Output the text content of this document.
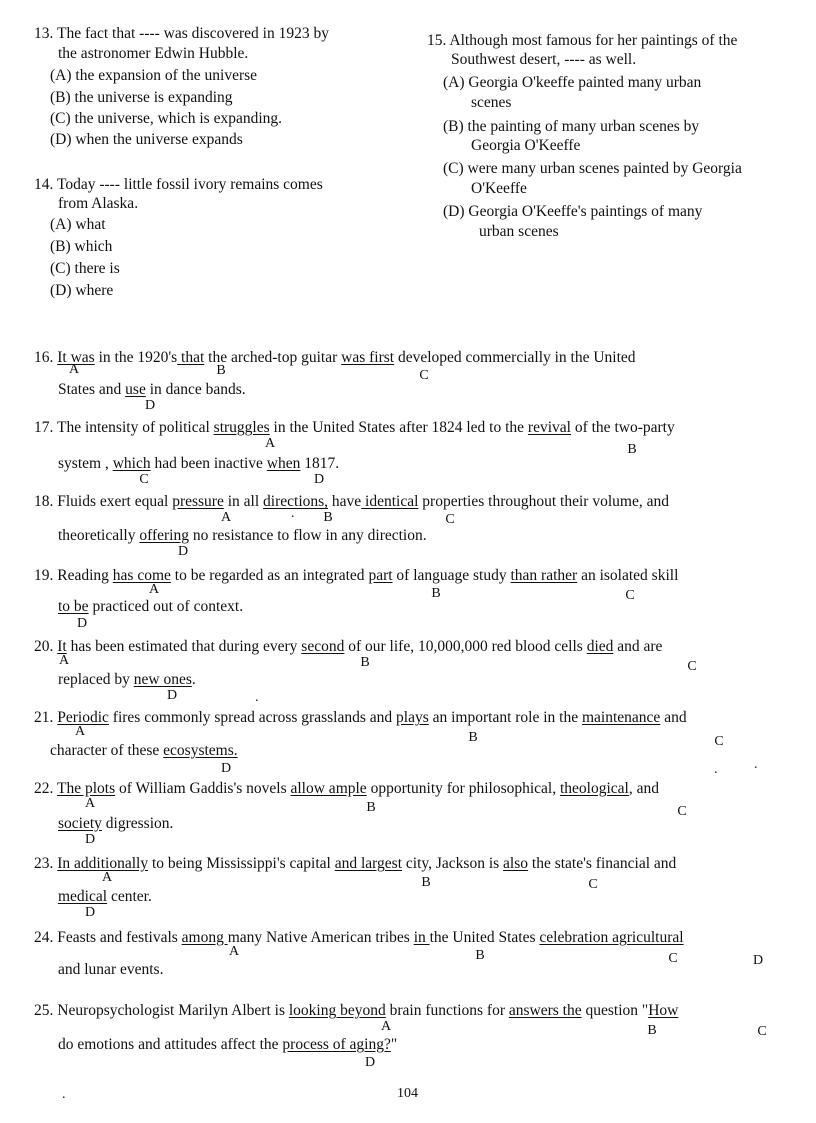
13. The fact that ---- was discovered in 1923 by
the astronomer Edwin Hubble.
(A) the expansion of the universe
(B) the universe is expanding
(C) the universe, which is expanding.
(D) when the universe expands
14. Today ---- little fossil ivory remains comes
from Alaska.
(A) what
(B) which
(C) there is
(D) where
15. Although most famous for her paintings of the
Southwest desert, ---- as well.
(A) Georgia O'keeffe painted many urban
scenes
(B) the painting of many urban scenes by
Georgia O'Keeffe
(C) were many urban scenes painted by Georgia
O'Keeffe
(D) Georgia O'Keeffe's paintings of many
urban scenes
16. It was in the 1920's that the arched-top guitar was first developed commercially in the United
A	B	C
States and use in dance bands.
D
17. The intensity of political struggles in the United States after 1824 led to the revival of the two-party
A	B
system , which had been inactive when 1817.
C	D
18. Fluids exert equal pressure in all directions, have identical properties throughout their volume, and
A	. B	C
theoretically offering no resistance to flow in any direction.
D
19. Reading has come to be regarded as an integrated part of language study than rather an isolated skill
A	B	C
to be practiced out of context.
D
20. It has been estimated that during every second of our life, 10,000,000 red blood cells died and are
A	B	C
replaced by new ones.
D
21. Periodic fires commonly spread across grasslands and plays an important role in the maintenance and
A	B	C
character of these ecosystems.
D
22. The plots of William Gaddis's novels allow ample opportunity for philosophical, theological, and
A	B	C
society digression.
D
23. In additionally to being Mississippi's capital and largest city, Jackson is also the state's financial and
A	B	C
medical center.
D
24. Feasts and festivals among many Native American tribes in the United States celebration agricultural
A	B	C	D
and lunar events.
25. Neuropsychologist Marilyn Albert is looking beyond brain functions for answers the question "How
A	B	C
do emotions and attitudes affect the process of aging?"
D
.
.	.
.	104
